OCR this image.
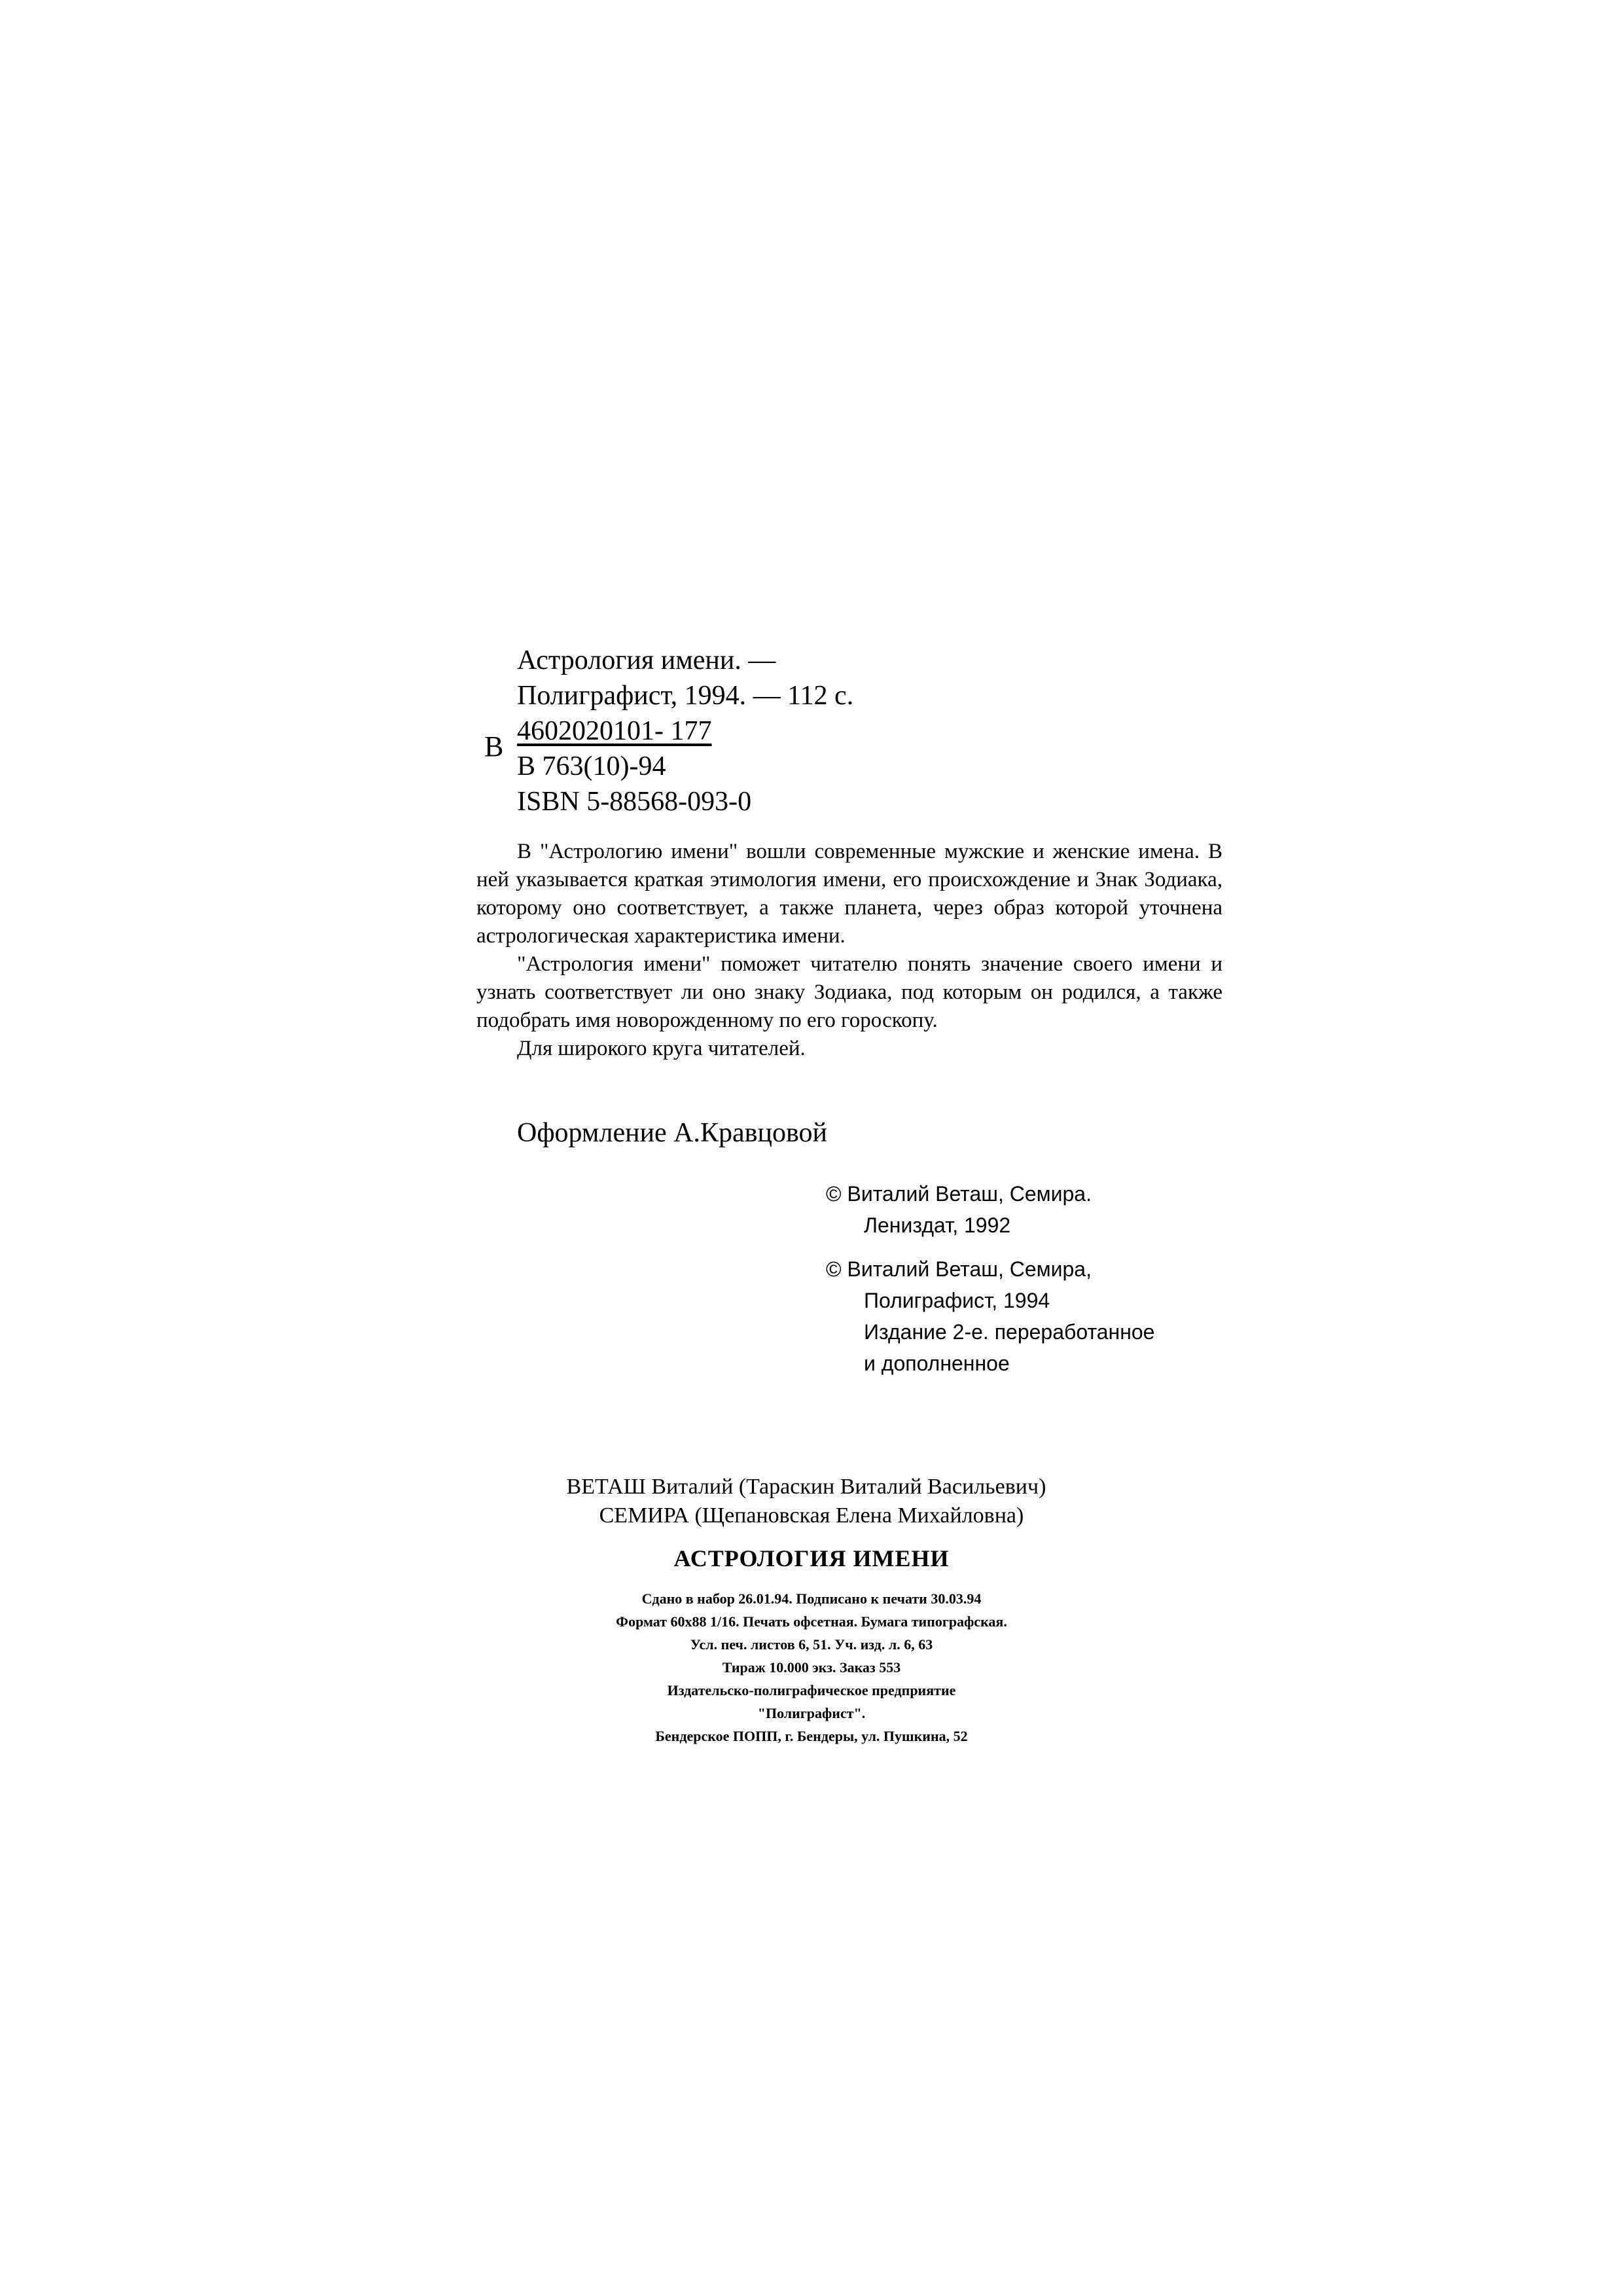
Астрология имени. —
Полиграфист, 1994. — 112 с.
4602020101- 177
В 763(10)-94
ISBN 5-88568-093-0
В

В "Астрологию имени" вошли современные мужские и женские имена. В ней указывается краткая этимология имени, его происхождение и Знак Зодиака, которому оно соответствует, а также планета, через образ которой уточнена астрологическая характеристика имени.

"Астрология имени" поможет читателю понять значение своего имени и узнать соответствует ли оно знаку Зодиака, под которым он родился, а также подобрать имя новорожденному по его гороскопу.

Для широкого круга читателей.

Оформление А.Кравцовой
© Виталий Веташ, Семира.
Лениздат, 1992
© Виталий Веташ, Семира,
Полиграфист, 1994
Издание 2-е. переработанное
и дополненное
ВЕТАШ Виталий (Тараскин Виталий Васильевич)
СЕМИРА (Щепановская Елена Михайловна)
АСТРОЛОГИЯ ИМЕНИ
Сдано в набор 26.01.94. Подписано к печати 30.03.94
Формат 60х88 1/16. Печать офсетная. Бумага типографская.
Усл. печ. листов 6, 51. Уч. изд. л. 6, 63
Тираж 10.000 экз. Заказ 553
Издательско-полиграфическое предприятие
"Полиграфист".
Бендерское ПОПП, г. Бендеры, ул. Пушкина, 52
